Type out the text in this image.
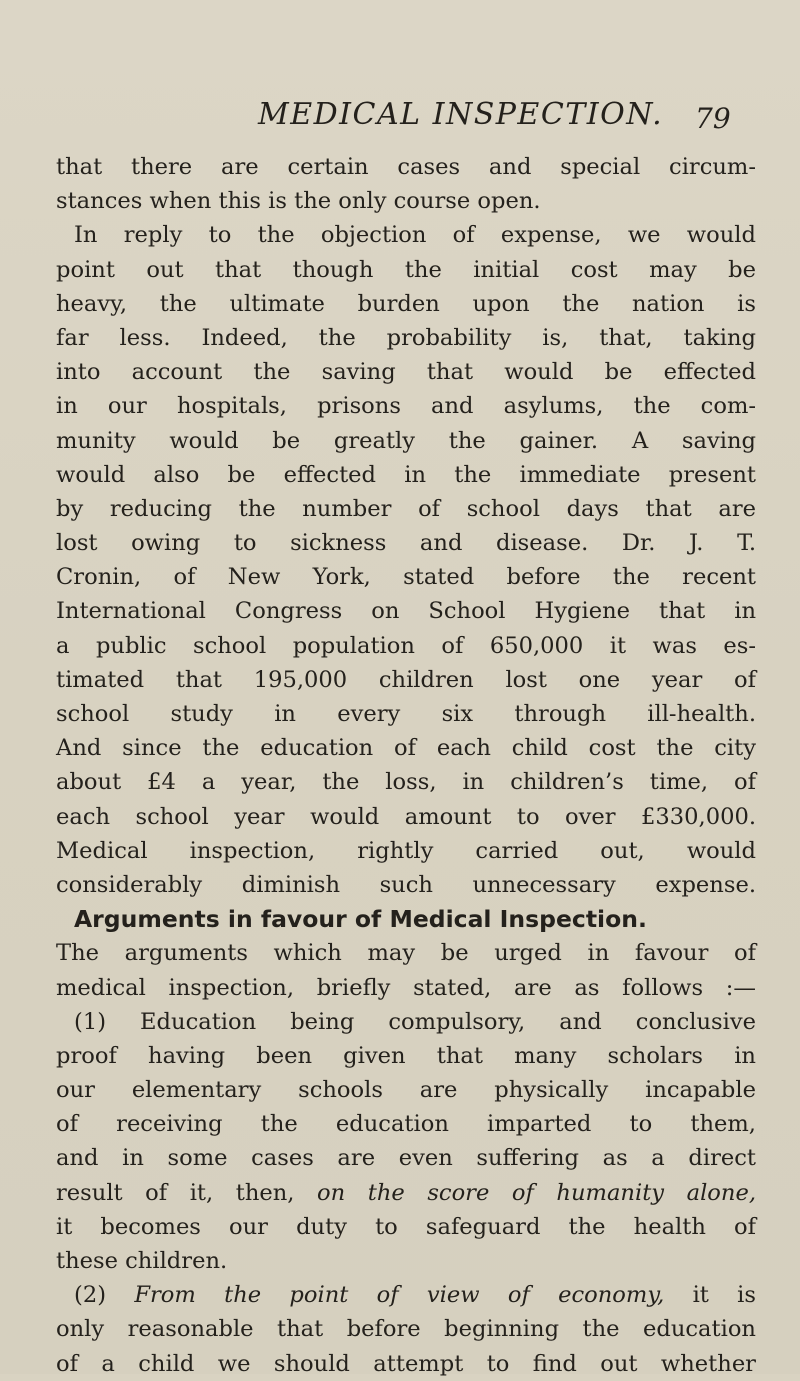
MEDICAL INSPECTION. 79
that there are certain cases and special circum-
stances when this is the only course open.
In reply to the objection of expense, we would
point out that though the initial cost may be
heavy, the ultimate burden upon the nation is
far less. Indeed, the probability is, that, taking
into account the saving that would be effected
in our hospitals, prisons and asylums, the com-
munity would be greatly the gainer. A saving
would also be effected in the immediate present
by reducing the number of school days that are
lost owing to sickness and disease. Dr. J. T.
Cronin, of New York, stated before the recent
International Congress on School Hygiene that in
a public school population of 650,000 it was es-
timated that 195,000 children lost one year of
school study in every six through ill-health.
And since the education of each child cost the city
about £4 a year, the loss, in children’s time, of
each school year would amount to over £330,000.
Medical inspection, rightly carried out, would
considerably diminish such unnecessary expense.
Arguments in favour of Medical Inspection.
The arguments which may be urged in favour of
medical inspection, briefly stated, are as follows :—
(1) Education being compulsory, and conclusive
proof having been given that many scholars in
our elementary schools are physically incapable
of receiving the education imparted to them,
and in some cases are even suffering as a direct
result of it, then, on the score of humanity alone,
it becomes our duty to safeguard the health of
these children.
(2) From the point of view of economy, it is
only reasonable that before beginning the education
of a child we should attempt to find out whether
